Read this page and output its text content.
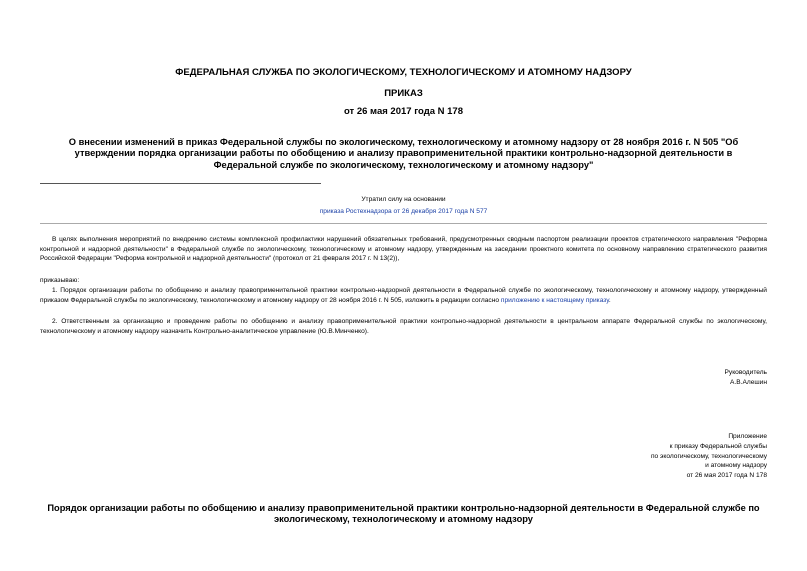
ФЕДЕРАЛЬНАЯ СЛУЖБА ПО ЭКОЛОГИЧЕСКОМУ, ТЕХНОЛОГИЧЕСКОМУ И АТОМНОМУ НАДЗОРУ
ПРИКАЗ
от 26 мая 2017 года N 178
О внесении изменений в приказ Федеральной службы по экологическому, технологическому и атомному надзору от 28 ноября 2016 г. N 505 "Об утверждении порядка организации работы по обобщению и анализу правоприменительной практики контрольно-надзорной деятельности в Федеральной службе по экологическому, технологическому и атомному надзору"
Утратил силу на основании
приказа Ростехнадзора от 26 декабря 2017 года N 577
В целях выполнения мероприятий по внедрению системы комплексной профилактики нарушений обязательных требований, предусмотренных сводным паспортом реализации проектов стратегического направления "Реформа контрольной и надзорной деятельности" в Федеральной службе по экологическому, технологическому и атомному надзору, утвержденным на заседании проектного комитета по основному направлению стратегического развития Российской Федерации "Реформа контрольной и надзорной деятельности" (протокол от 21 февраля 2017 г. N 13(2)),
приказываю:
1. Порядок организации работы по обобщению и анализу правоприменительной практики контрольно-надзорной деятельности в Федеральной службе по экологическому, технологическому и атомному надзору, утвержденный приказом Федеральной службы по экологическому, технологическому и атомному надзору от 28 ноября 2016 г. N 505, изложить в редакции согласно приложению к настоящему приказу.
2. Ответственным за организацию и проведение работы по обобщению и анализу правоприменительной практики контрольно-надзорной деятельности в центральном аппарате Федеральной службы по экологическому, технологическому и атомному надзору назначить Контрольно-аналитическое управление (Ю.В.Минченко).
Руководитель
А.В.Алешин
Приложение
к приказу Федеральной службы
по экологическому, технологическому
и атомному надзору
от 26 мая 2017 года N 178
Порядок организации работы по обобщению и анализу правоприменительной практики контрольно-надзорной деятельности в Федеральной службе по экологическому, технологическому и атомному надзору
